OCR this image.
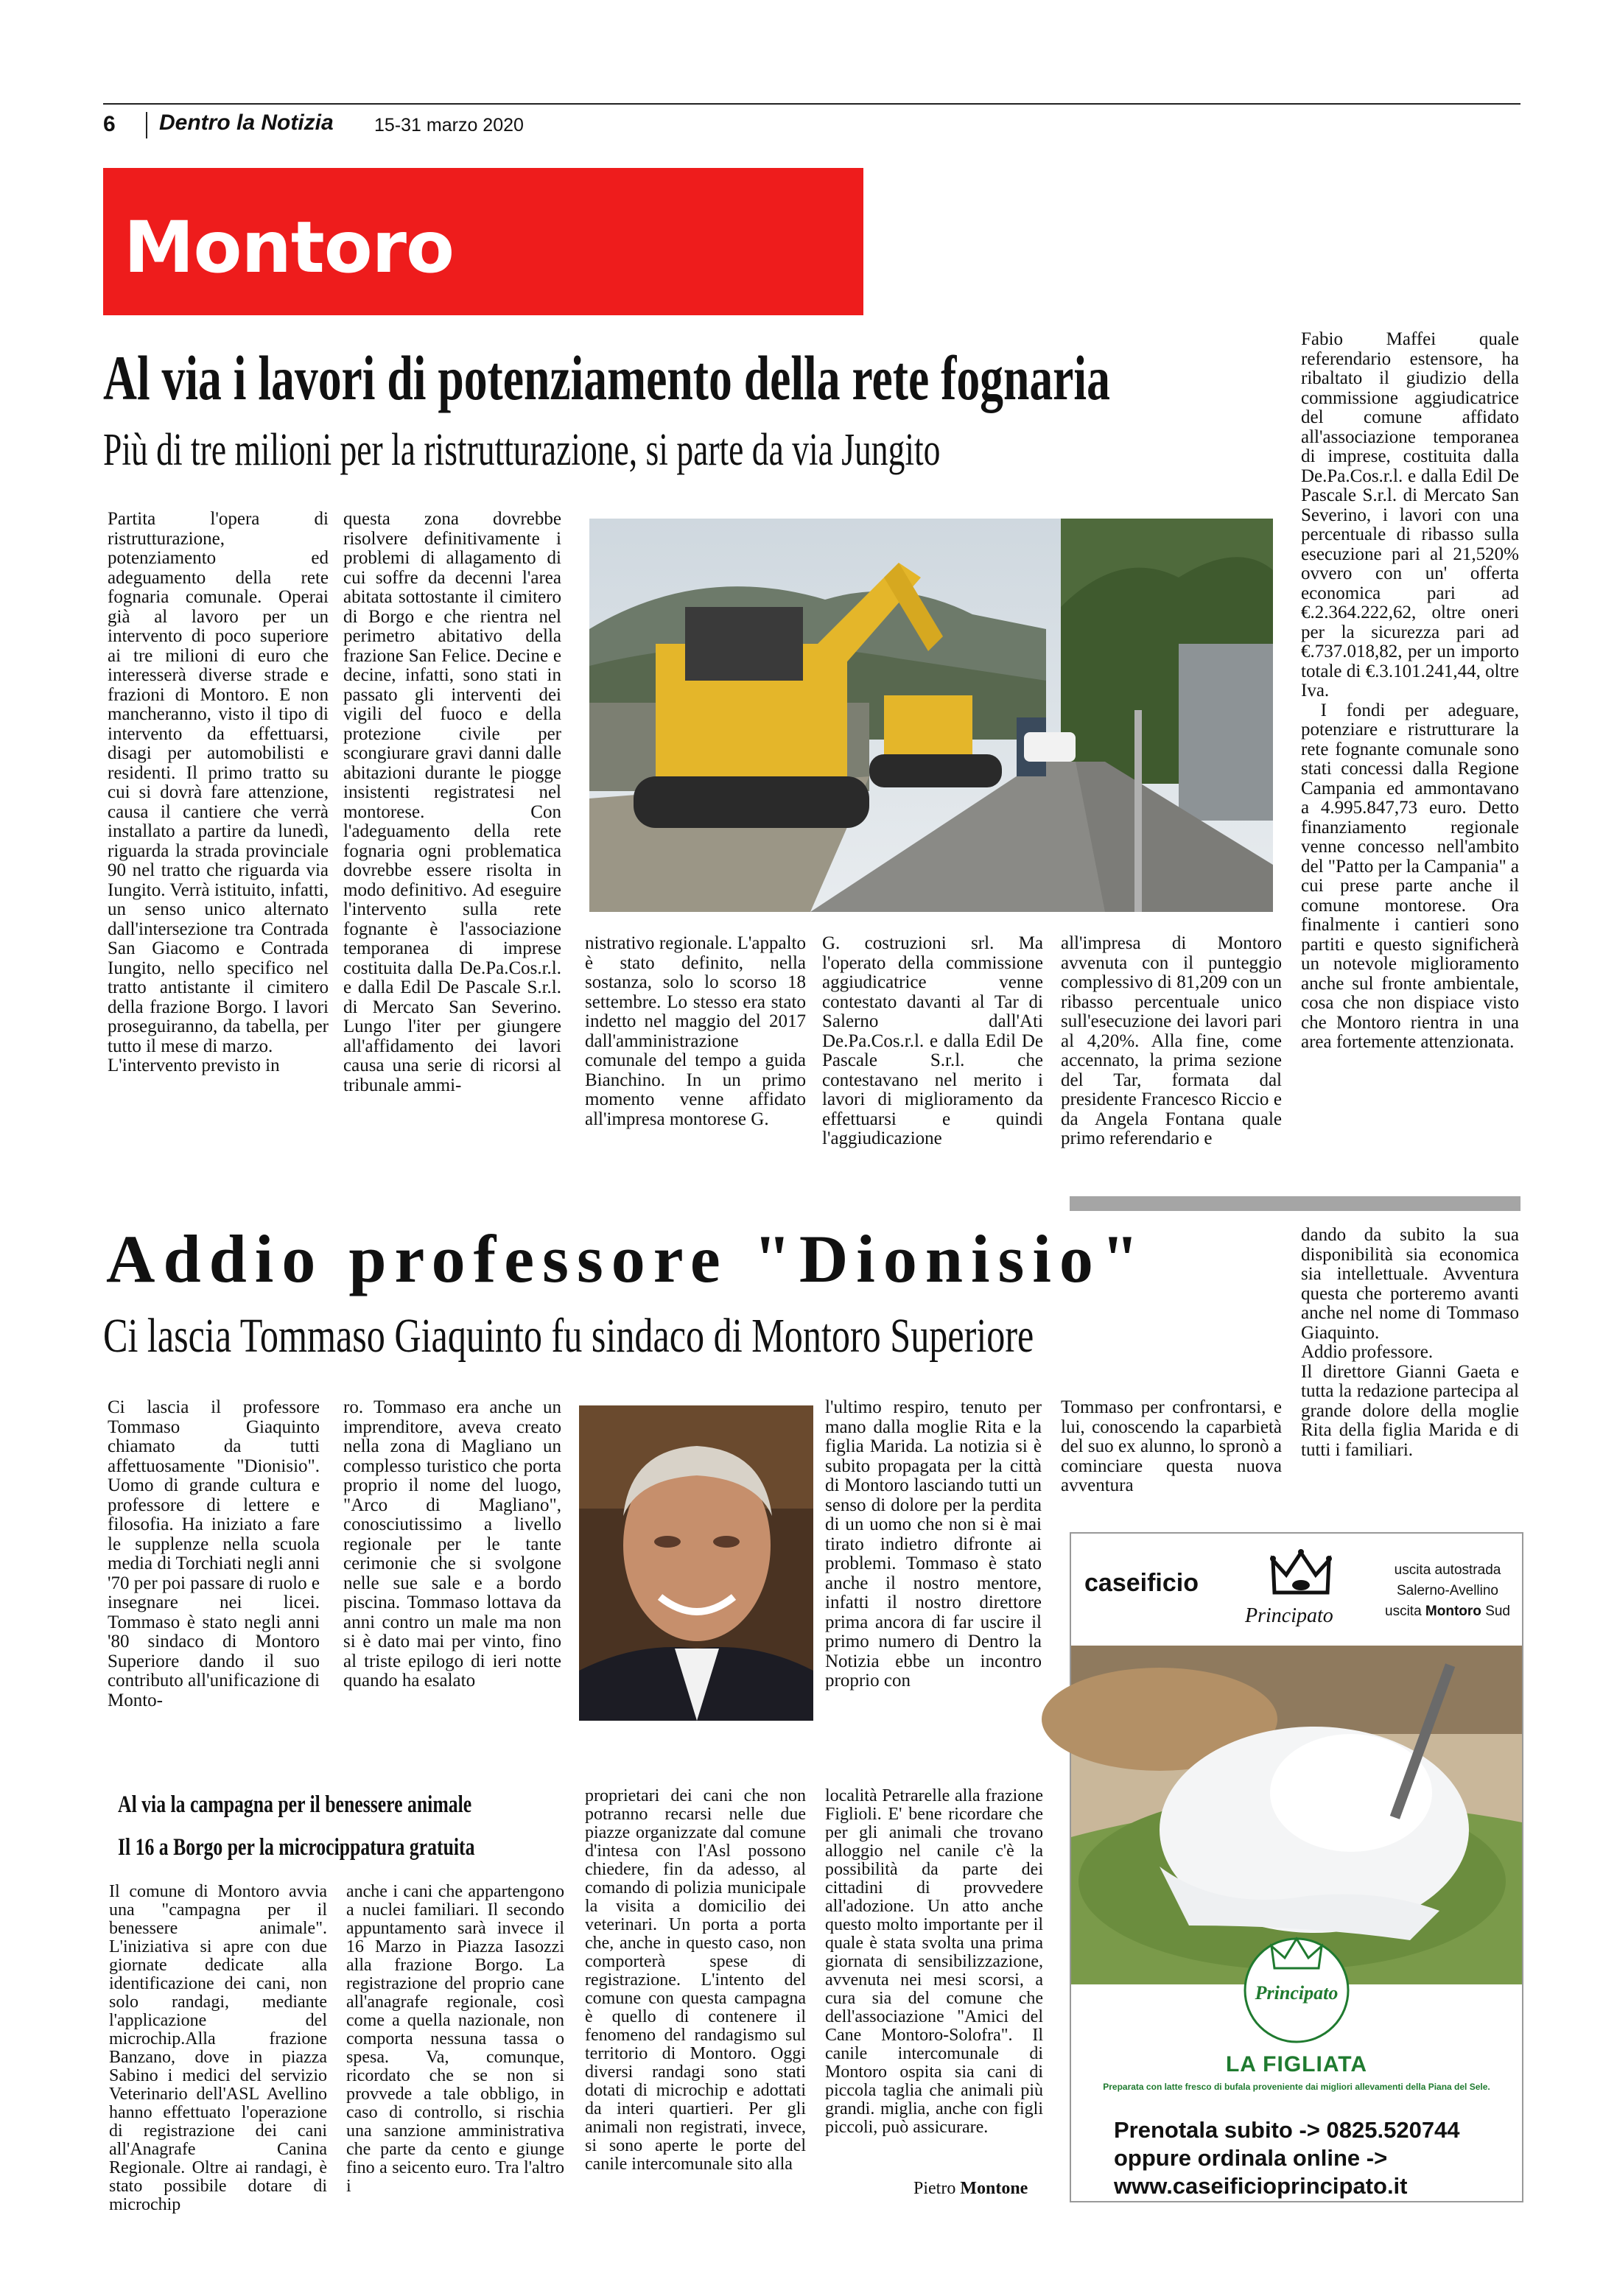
6 Dentro la Notizia 15-31 marzo 2020
Montoro
Al via i lavori di potenziamento della rete fognaria
Più di tre milioni per la ristrutturazione, si parte da via Jungito
Partita l'opera di ristrutturazione, potenziamento ed adeguamento della rete fognaria comunale. Operai già al lavoro per un intervento di poco superiore ai tre milioni di euro che interesserà diverse strade e frazioni di Montoro. E non mancheranno, visto il tipo di intervento da effettuarsi, disagi per automobilisti e residenti. Il primo tratto su cui si dovrà fare attenzione, causa il cantiere che verrà installato a partire da lunedì, riguarda la strada provinciale 90 nel tratto che riguarda via Iungito. Verrà istituito, infatti, un senso unico alternato dall'intersezione tra Contrada San Giacomo e Contrada Iungito, nello specifico nel tratto antistante il cimitero della frazione Borgo. I lavori proseguiranno, da tabella, per tutto il mese di marzo.
L'intervento previsto in
questa zona dovrebbe risolvere definitivamente i problemi di allagamento di cui soffre da decenni l'area abitata sottostante il cimitero di Borgo e che rientra nel perimetro abitativo della frazione San Felice. Decine e decine, infatti, sono stati in passato gli interventi dei vigili del fuoco e della protezione civile per scongiurare gravi danni dalle abitazioni durante le piogge insistenti registratesi nel montorese. Con l'adeguamento della rete fognaria ogni problematica dovrebbe essere risolta in modo definitivo. Ad eseguire l'intervento sulla rete fognante è l'associazione temporanea di imprese costituita dalla De.Pa.Cos.r.l. e dalla Edil De Pascale S.r.l. di Mercato San Severino. Lungo l'iter per giungere all'affidamento dei lavori causa una serie di ricorsi al tribunale ammi-
nistrativo regionale. L'appalto è stato definito, nella sostanza, solo lo scorso 18 settembre. Lo stesso era stato indetto nel maggio del 2017 dall'amministrazione comunale del tempo a guida Bianchino. In un primo momento venne affidato all'impresa montorese G.
G. costruzioni srl. Ma l'operato della commissione aggiudicatrice venne contestato davanti al Tar di Salerno dall'Ati De.Pa.Cos.r.l. e dalla Edil De Pascale S.r.l. che contestavano nel merito i lavori di miglioramento da effettuarsi e quindi l'aggiudicazione
all'impresa di Montoro avvenuta con il punteggio complessivo di 81,209 con un ribasso percentuale unico sull'esecuzione dei lavori pari al 4,20%. Alla fine, come accennato, la prima sezione del Tar, formata dal presidente Francesco Riccio e da Angela Fontana quale primo referendario e
Fabio Maffei quale referendario estensore, ha ribaltato il giudizio della commissione aggiudicatrice del comune affidato all'associazione temporanea di imprese, costituita dalla De.Pa.Cos.r.l. e dalla Edil De Pascale S.r.l. di Mercato San Severino, i lavori con una percentuale di ribasso sulla esecuzione pari al 21,520% ovvero con un' offerta economica pari ad €.2.364.222,62, oltre oneri per la sicurezza pari ad €.737.018,82, per un importo totale di €.3.101.241,44, oltre Iva.
I fondi per adeguare, potenziare e ristrutturare la rete fognante comunale sono stati concessi dalla Regione Campania ed ammontavano a 4.995.847,73 euro. Detto finanziamento regionale venne concesso nell'ambito del "Patto per la Campania" a cui prese parte anche il comune montorese. Ora finalmente i cantieri sono partiti e questo significherà un notevole miglioramento anche sul fronte ambientale, cosa che non dispiace visto che Montoro rientra in una area fortemente attenzionata.
Addio professore "Dionisio"
Ci lascia Tommaso Giaquinto fu sindaco di Montoro Superiore
Ci lascia il professore Tommaso Giaquinto chiamato da tutti affettuosamente "Dionisio". Uomo di grande cultura e professore di lettere e filosofia. Ha iniziato a fare le supplenze nella scuola media di Torchiati negli anni '70 per poi passare di ruolo e insegnare nei licei. Tommaso è stato negli anni '80 sindaco di Montoro Superiore dando il suo contributo all'unificazione di Monto-
ro. Tommaso era anche un imprenditore, aveva creato nella zona di Magliano un complesso turistico che porta proprio il nome del luogo, "Arco di Magliano", conosciutissimo a livello regionale per le tante cerimonie che si svolgone nelle sue sale e a bordo piscina. Tommaso lottava da anni contro un male ma non si è dato mai per vinto, fino al triste epilogo di ieri notte quando ha esalato
l'ultimo respiro, tenuto per mano dalla moglie Rita e la figlia Marida. La notizia si è subito propagata per la città di Montoro lasciando tutti un senso di dolore per la perdita di un uomo che non si è mai tirato indietro difronte ai problemi. Tommaso è stato anche il nostro mentore, infatti il nostro direttore prima ancora di far uscire il primo numero di Dentro la Notizia ebbe un incontro proprio con
Tommaso per confrontarsi, e lui, conoscendo la caparbietà del suo ex alunno, lo spronò a cominciare questa nuova avventura
dando da subito la sua disponibilità sia economica sia intellettuale. Avventura questa che porteremo avanti anche nel nome di Tommaso Giaquinto.
Addio professore.
Il direttore Gianni Gaeta e tutta la redazione partecipa al grande dolore della moglie Rita della figlia Marida e di tutti i familiari.
Al via la campagna per il benessere animale
Il 16 a Borgo per la microcippatura gratuita
Il comune di Montoro avvia una "campagna per il benessere animale". L'iniziativa si apre con due giornate dedicate alla identificazione dei cani, non solo randagi, mediante l'applicazione del microchip.Alla frazione Banzano, dove in piazza Sabino i medici del servizio Veterinario dell'ASL Avellino hanno effettuato l'operazione di registrazione dei cani all'Anagrafe Canina Regionale. Oltre ai randagi, è stato possibile dotare di microchip
anche i cani che appartengono a nuclei familiari. Il secondo appuntamento sarà invece il 16 Marzo in Piazza Iasozzi alla frazione Borgo. La registrazione del proprio cane all'anagrafe regionale, così come a quella nazionale, non comporta nessuna tassa o spesa. Va, comunque, ricordato che se non si provvede a tale obbligo, in caso di controllo, si rischia una sanzione amministrativa che parte da cento e giunge fino a seicento euro. Tra l'altro i
proprietari dei cani che non potranno recarsi nelle due piazze organizzate dal comune d'intesa con l'Asl possono chiedere, fin da adesso, al comando di polizia municipale la visita a domicilio dei veterinari. Un porta a porta che, anche in questo caso, non comporterà spese di registrazione. L'intento del comune con questa campagna è quello di contenere il fenomeno del randagismo sul territorio di Montoro. Oggi diversi randagi sono stati dotati di microchip e adottati da interi quartieri. Per gli animali non registrati, invece, si sono aperte le porte del canile intercomunale sito alla
località Petrarelle alla frazione Figlioli. E' bene ricordare che per gli animali che trovano alloggio nel canile c'è la possibilità da parte dei cittadini di provvedere all'adozione. Un atto anche questo molto importante per il quale è stata svolta una prima giornata di sensibilizzazione, avvenuta nei mesi scorsi, a cura sia del comune che dell'associazione "Amici del Cane Montoro-Solofra". Il canile intercomunale di Montoro ospita sia cani di piccola taglia che animali più grandi. miglia, anche con figli piccoli, può assicurare.
Pietro Montone
caseificio
Principato
uscita autostrada
Salerno-Avellino
uscita Montoro Sud
Principato
LA FIGLIATA
Preparata con latte fresco di bufala proveniente dai migliori allevamenti della Piana del Sele.
Prenotala subito -> 0825.520744
oppure ordinala online ->
www.caseificioprincipato.it
